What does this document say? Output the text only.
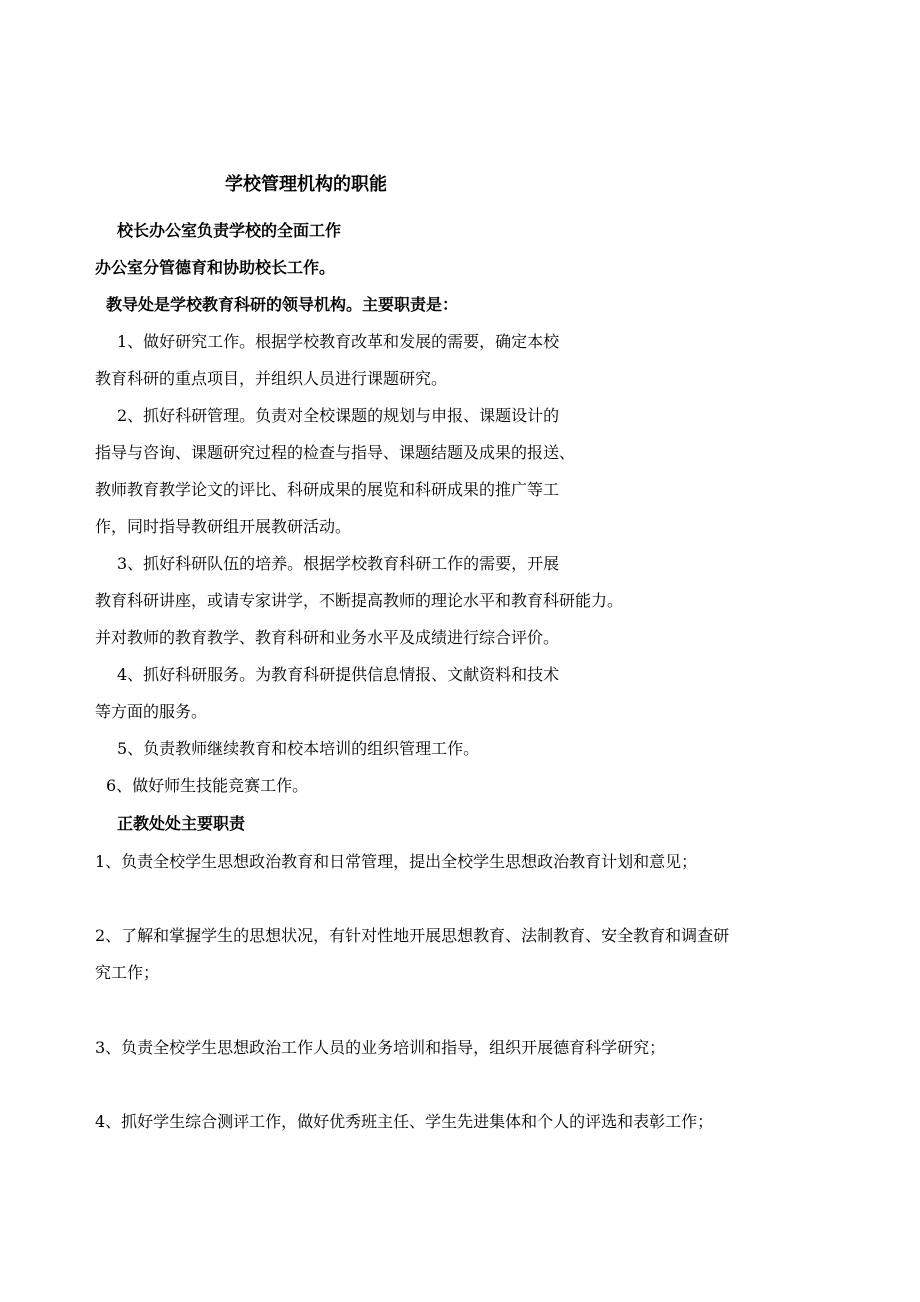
学校管理机构的职能
校长办公室负责学校的全面工作
办公室分管德育和协助校长工作。
教导处是学校教育科研的领导机构。主要职责是：
1、做好研究工作。根据学校教育改革和发展的需要，确定本校
教育科研的重点项目，并组织人员进行课题研究。
2、抓好科研管理。负责对全校课题的规划与申报、课题设计的
指导与咨询、课题研究过程的检查与指导、课题结题及成果的报送、
教师教育教学论文的评比、科研成果的展览和科研成果的推广等工
作，同时指导教研组开展教研活动。
3、抓好科研队伍的培养。根据学校教育科研工作的需要，开展
教育科研讲座，或请专家讲学，不断提高教师的理论水平和教育科研能力。
并对教师的教育教学、教育科研和业务水平及成绩进行综合评价。
4、抓好科研服务。为教育科研提供信息情报、文献资料和技术
等方面的服务。
5、负责教师继续教育和校本培训的组织管理工作。
6、做好师生技能竞赛工作。
正教处处主要职责
1、负责全校学生思想政治教育和日常管理，提出全校学生思想政治教育计划和意见；
2、了解和掌握学生的思想状况，有针对性地开展思想教育、法制教育、安全教育和调查研
究工作；
3、负责全校学生思想政治工作人员的业务培训和指导，组织开展德育科学研究；
4、抓好学生综合测评工作，做好优秀班主任、学生先进集体和个人的评选和表彰工作；
